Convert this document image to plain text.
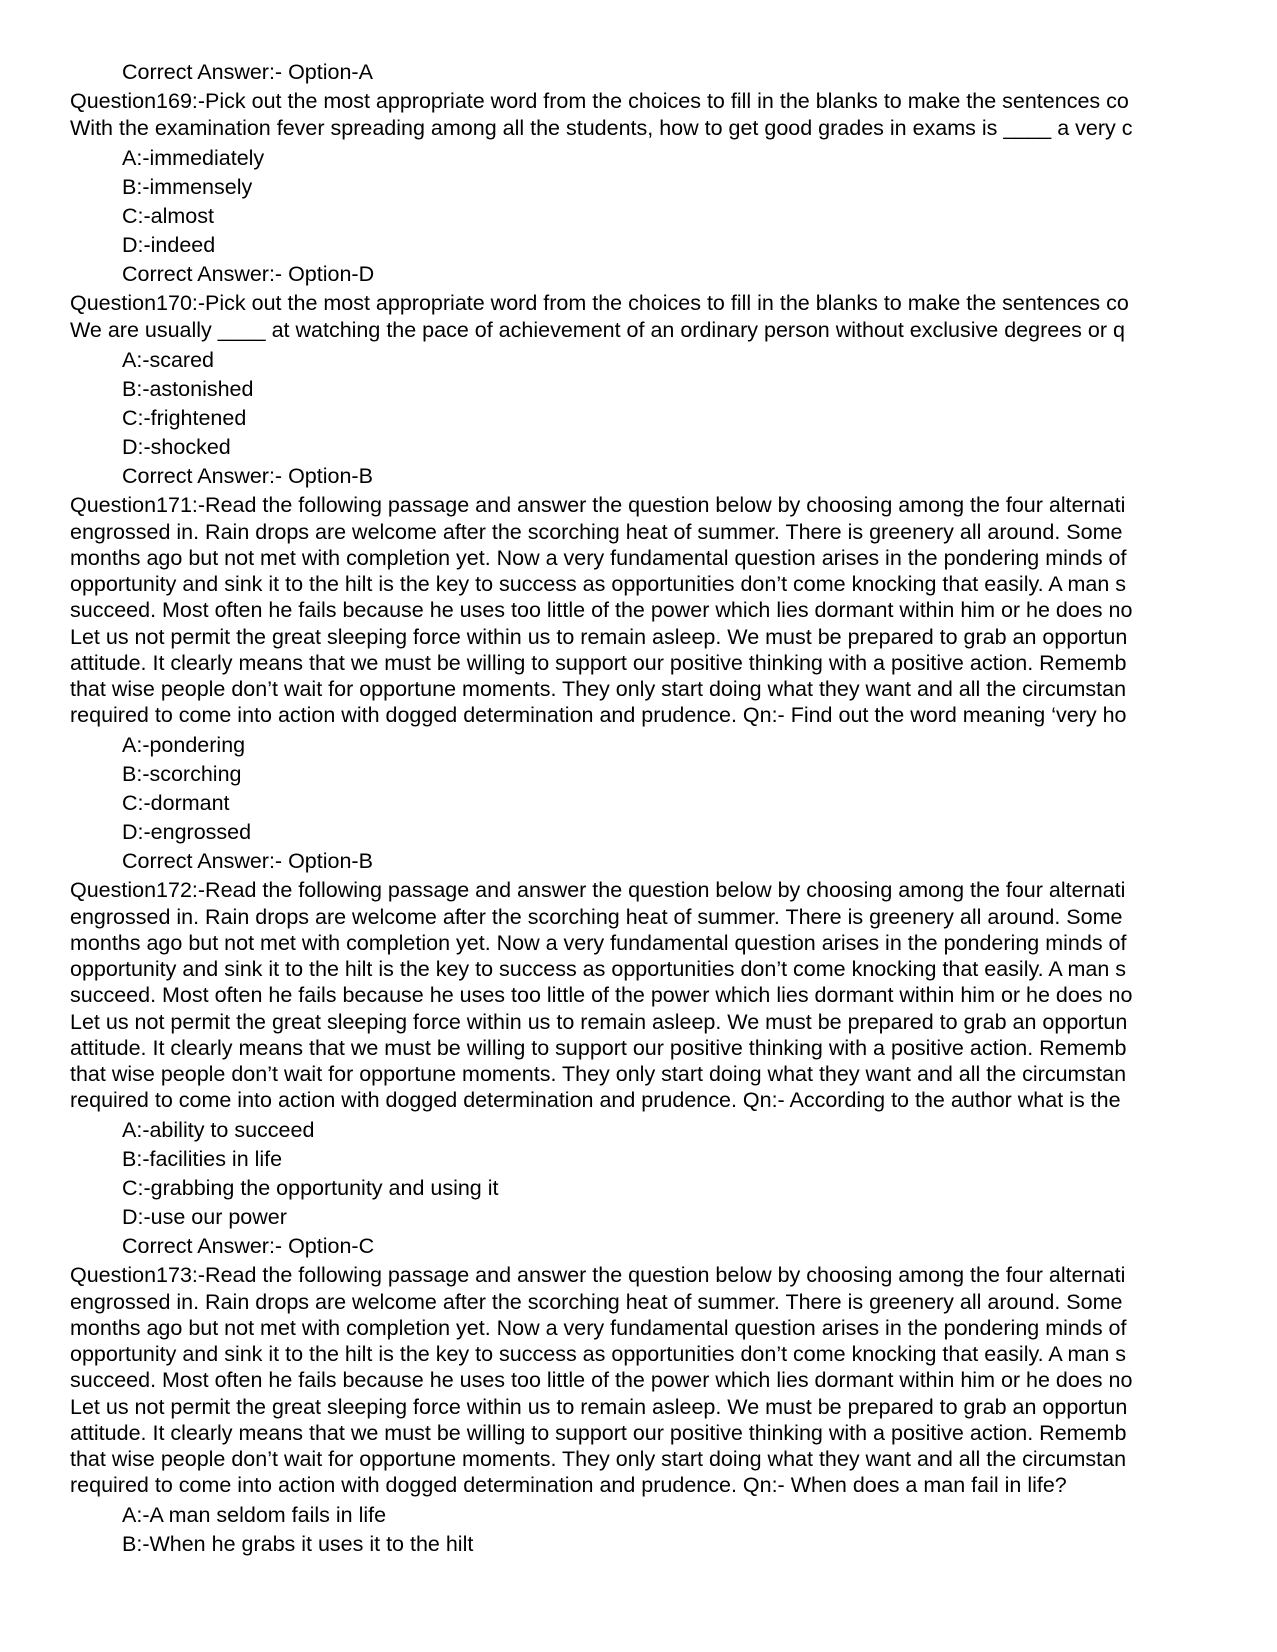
Correct Answer:- Option-A
Question169:-Pick out the most appropriate word from the choices to fill in the blanks to make the sentences co
With the examination fever spreading among all the students, how to get good grades in exams is ____ a very c
A:-immediately
B:-immensely
C:-almost
D:-indeed
Correct Answer:- Option-D
Question170:-Pick out the most appropriate word from the choices to fill in the blanks to make the sentences co
We are usually ____ at watching the pace of achievement of an ordinary person without exclusive degrees or q
A:-scared
B:-astonished
C:-frightened
D:-shocked
Correct Answer:- Option-B
Question171:-Read the following passage and answer the question below by choosing among the four alternati
engrossed in. Rain drops are welcome after the scorching heat of summer. There is greenery all around. Some
months ago but not met with completion yet. Now a very fundamental question arises in the pondering minds of
opportunity and sink it to the hilt is the key to success as opportunities don’t come knocking that easily. A man s
succeed. Most often he fails because he uses too little of the power which lies dormant within him or he does no
Let us not permit the great sleeping force within us to remain asleep. We must be prepared to grab an opportun
attitude. It clearly means that we must be willing to support our positive thinking with a positive action. Rememb
that wise people don’t wait for opportune moments. They only start doing what they want and all the circumstan
required to come into action with dogged determination and prudence. Qn:- Find out the word meaning ‘very ho
A:-pondering
B:-scorching
C:-dormant
D:-engrossed
Correct Answer:- Option-B
Question172:-Read the following passage and answer the question below by choosing among the four alternati
engrossed in. Rain drops are welcome after the scorching heat of summer. There is greenery all around. Some
months ago but not met with completion yet. Now a very fundamental question arises in the pondering minds of
opportunity and sink it to the hilt is the key to success as opportunities don’t come knocking that easily. A man s
succeed. Most often he fails because he uses too little of the power which lies dormant within him or he does no
Let us not permit the great sleeping force within us to remain asleep. We must be prepared to grab an opportun
attitude. It clearly means that we must be willing to support our positive thinking with a positive action. Rememb
that wise people don’t wait for opportune moments. They only start doing what they want and all the circumstan
required to come into action with dogged determination and prudence. Qn:- According to the author what is the
A:-ability to succeed
B:-facilities in life
C:-grabbing the opportunity and using it
D:-use our power
Correct Answer:- Option-C
Question173:-Read the following passage and answer the question below by choosing among the four alternati
engrossed in. Rain drops are welcome after the scorching heat of summer. There is greenery all around. Some
months ago but not met with completion yet. Now a very fundamental question arises in the pondering minds of
opportunity and sink it to the hilt is the key to success as opportunities don’t come knocking that easily. A man s
succeed. Most often he fails because he uses too little of the power which lies dormant within him or he does no
Let us not permit the great sleeping force within us to remain asleep. We must be prepared to grab an opportun
attitude. It clearly means that we must be willing to support our positive thinking with a positive action. Rememb
that wise people don’t wait for opportune moments. They only start doing what they want and all the circumstan
required to come into action with dogged determination and prudence. Qn:- When does a man fail in life?
A:-A man seldom fails in life
B:-When he grabs it uses it to the hilt
